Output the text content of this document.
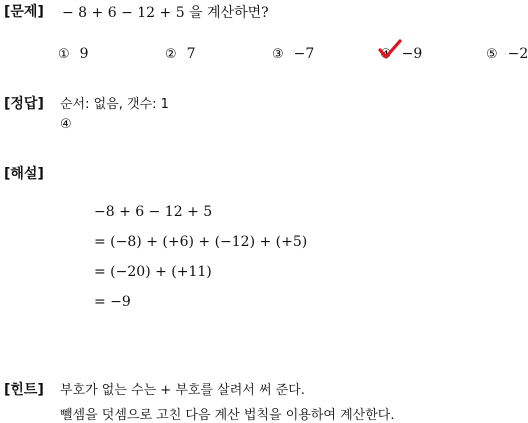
[문제] − 8 + 6 − 12 + 5 을 계산하면?
① 9	② 7	③ −7	④ −9	⑤ −2
[정답] 순서: 없음, 갯수: 1
④
[해설]
−8 + 6 − 12 + 5
= (−8) + (+6) + (−12) + (+5)
= (−20) + (+11)
= −9
[힌트] 부호가 없는 수는 + 부호를 살려서 써 준다.
뺄셈을 덧셈으로 고친 다음 계산 법칙을 이용하여 계산한다.
